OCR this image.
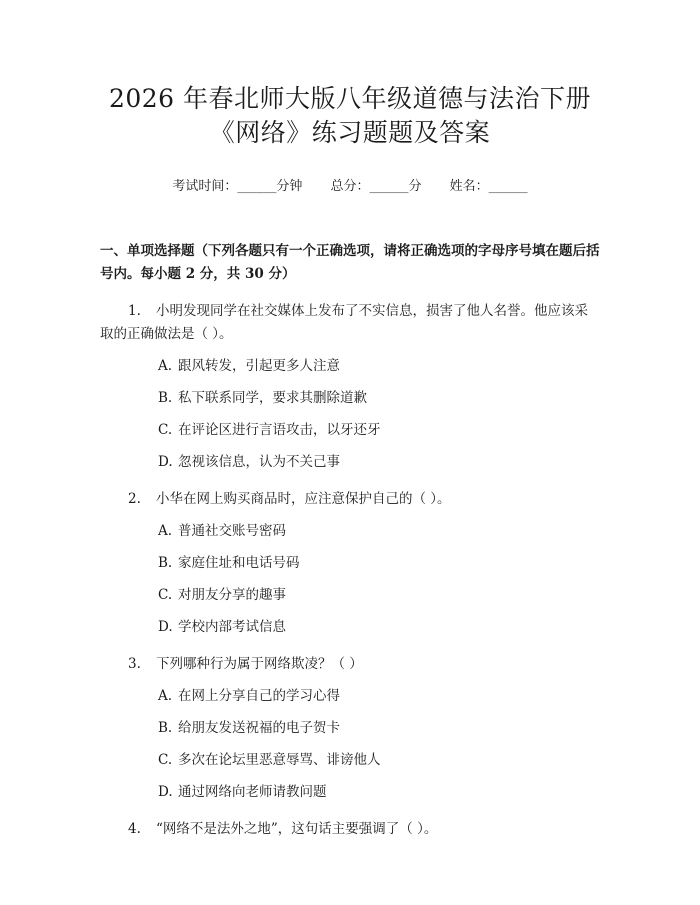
2026 年春北师大版八年级道德与法治下册
《网络》练习题题及答案
考试时间：______分钟 总分：______分 姓名：______
一、单项选择题（下列各题只有一个正确选项，请将正确选项的字母序号填在题后括号内。每小题 2 分，共 30 分）
1. 小明发现同学在社交媒体上发布了不实信息，损害了他人名誉。他应该采取的正确做法是（ ）。
A. 跟风转发，引起更多人注意
B. 私下联系同学，要求其删除道歉
C. 在评论区进行言语攻击，以牙还牙
D. 忽视该信息，认为不关己事
2. 小华在网上购买商品时，应注意保护自己的（ ）。
A. 普通社交账号密码
B. 家庭住址和电话号码
C. 对朋友分享的趣事
D. 学校内部考试信息
3. 下列哪种行为属于网络欺凌？（ ）
A. 在网上分享自己的学习心得
B. 给朋友发送祝福的电子贺卡
C. 多次在论坛里恶意辱骂、诽谤他人
D. 通过网络向老师请教问题
4. “网络不是法外之地”，这句话主要强调了（ ）。
